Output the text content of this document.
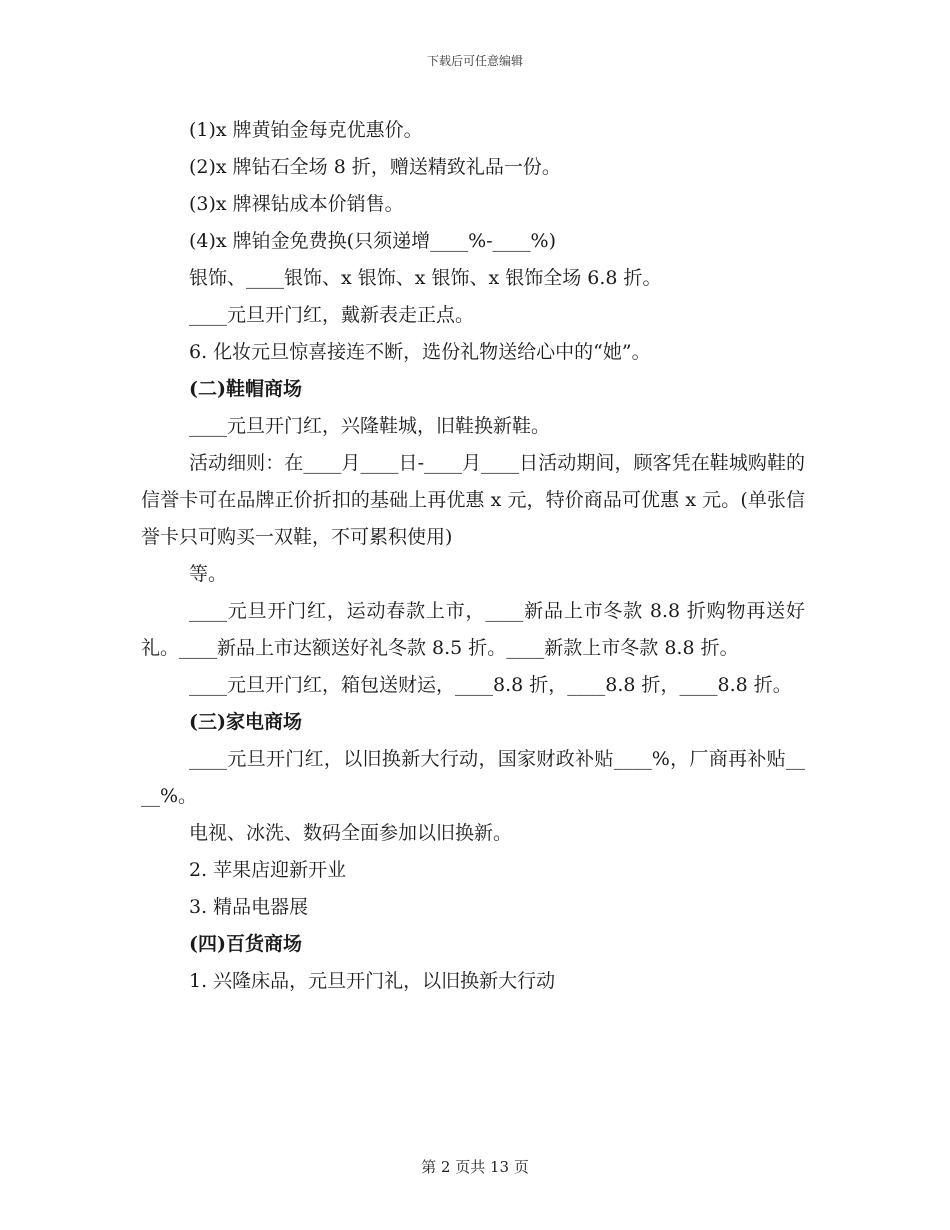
下载后可任意编辑

(1)x 牌黄铂金每克优惠价。

(2)x 牌钻石全场 8 折，赠送精致礼品一份。

(3)x 牌裸钻成本价销售。

(4)x 牌铂金免费换(只须递增____%-____%)

银饰、____银饰、x 银饰、x 银饰、x 银饰全场 6.8 折。

____元旦开门红，戴新表走正点。

6. 化妆元旦惊喜接连不断，选份礼物送给心中的“她”。

(二)鞋帽商场

____元旦开门红，兴隆鞋城，旧鞋换新鞋。

活动细则：在____月____日-____月____日活动期间，顾客凭在鞋城购鞋的信誉卡可在品牌正价折扣的基础上再优惠 x 元，特价商品可优惠 x 元。(单张信誉卡只可购买一双鞋，不可累积使用)

等。

____元旦开门红，运动春款上市，____新品上市冬款 8.8 折购物再送好礼。____新品上市达额送好礼冬款 8.5 折。____新款上市冬款 8.8 折。

____元旦开门红，箱包送财运，____8.8 折，____8.8 折，____8.8 折。

(三)家电商场

____元旦开门红，以旧换新大行动，国家财政补贴____%，厂商再补贴____%。

电视、冰洗、数码全面参加以旧换新。

2. 苹果店迎新开业

3. 精品电器展

(四)百货商场

1. 兴隆床品，元旦开门礼，以旧换新大行动

第 2 页共 13 页
